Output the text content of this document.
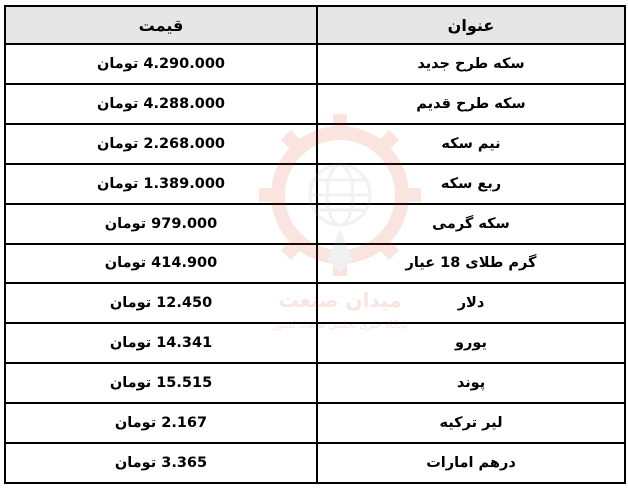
عنوان	قیمت
سکه طرح جدید	4.290.000 تومان
سکه طرح قدیم	4.288.000 تومان
نیم سکه	2.268.000 تومان
ربع سکه	1.389.000 تومان
سکه گرمی	979.000 تومان
گرم طلای 18 عیار	414.900 تومان
دلار	12.450 تومان
یورو	14.341 تومان
پوند	15.515 تومان
لیر ترکیه	2.167 تومان
درهم امارات	3.365 تومان
میدان صنعت
پایگاه خبری تحلیلی صنعت کشور
